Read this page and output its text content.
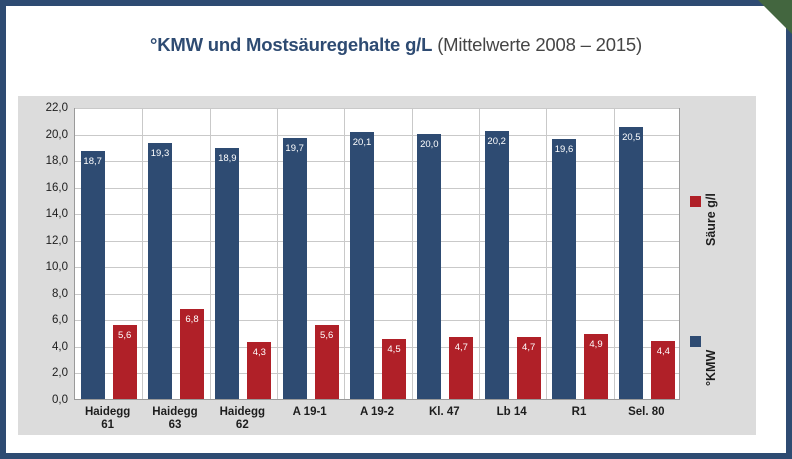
°KMW und Mostsäuregehalte g/L (Mittelwerte 2008 – 2015)
0,0
2,0
4,0
6,0
8,0
10,0
12,0
14,0
16,0
18,0
20,0
22,0
18,7
5,6
19,3
6,8
18,9
4,3
19,7
5,6
20,1
4,5
20,0
4,7
20,2
4,7
19,6
4,9
20,5
4,4
Säure g/l
°KMW
Haidegg
61
Haidegg
63
Haidegg
62
A 19-1	A 19-2	Kl. 47	Lb 14	R1	Sel. 80
